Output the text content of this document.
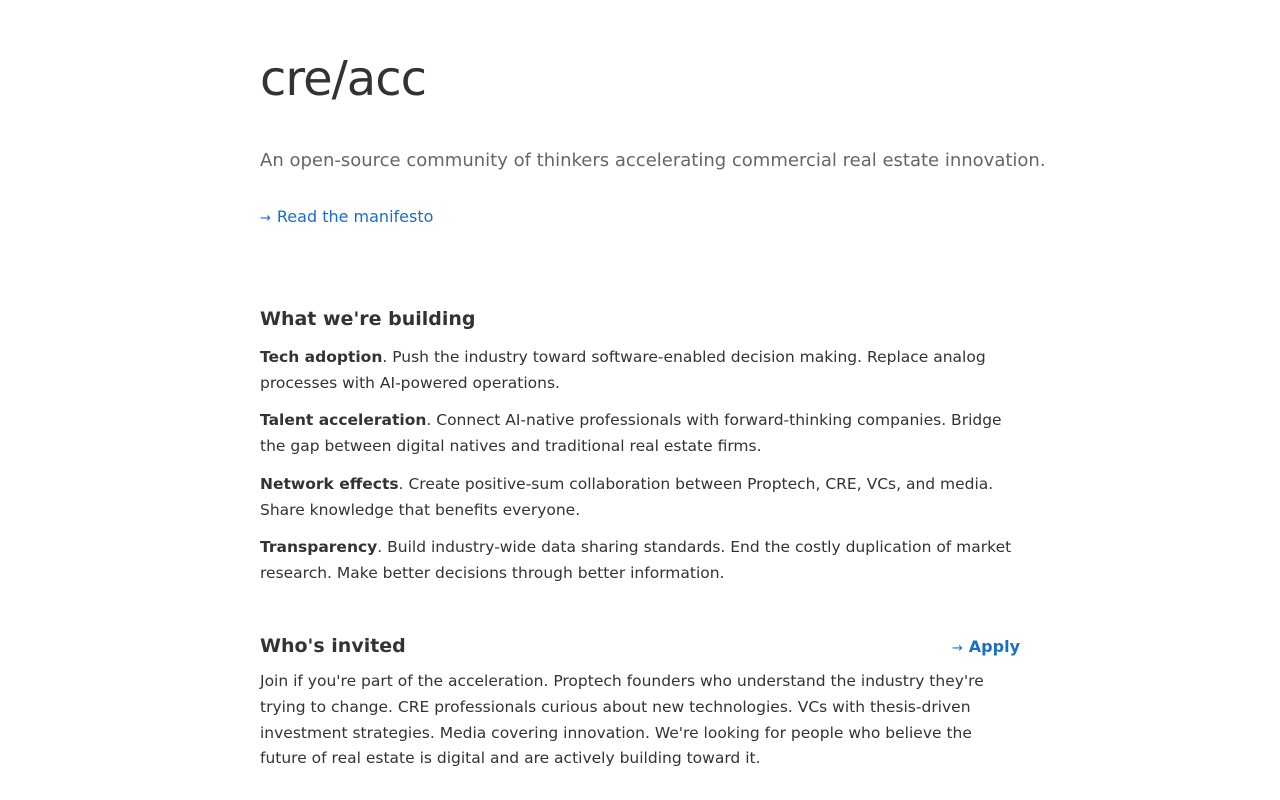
cre/acc

An open-source community of thinkers accelerating commercial real estate innovation.

→ Read the manifesto
What we're building

Tech adoption. Push the industry toward software-enabled decision making. Replace analog processes with AI-powered operations.

Talent acceleration. Connect AI-native professionals with forward-thinking companies. Bridge the gap between digital natives and traditional real estate firms.

Network effects. Create positive-sum collaboration between Proptech, CRE, VCs, and media. Share knowledge that benefits everyone.

Transparency. Build industry-wide data sharing standards. End the costly duplication of market research. Make better decisions through better information.

Who's invited	→ Apply

Join if you're part of the acceleration. Proptech founders who understand the industry they're trying to change. CRE professionals curious about new technologies. VCs with thesis-driven investment strategies. Media covering innovation. We're looking for people who believe the future of real estate is digital and are actively building toward it.
